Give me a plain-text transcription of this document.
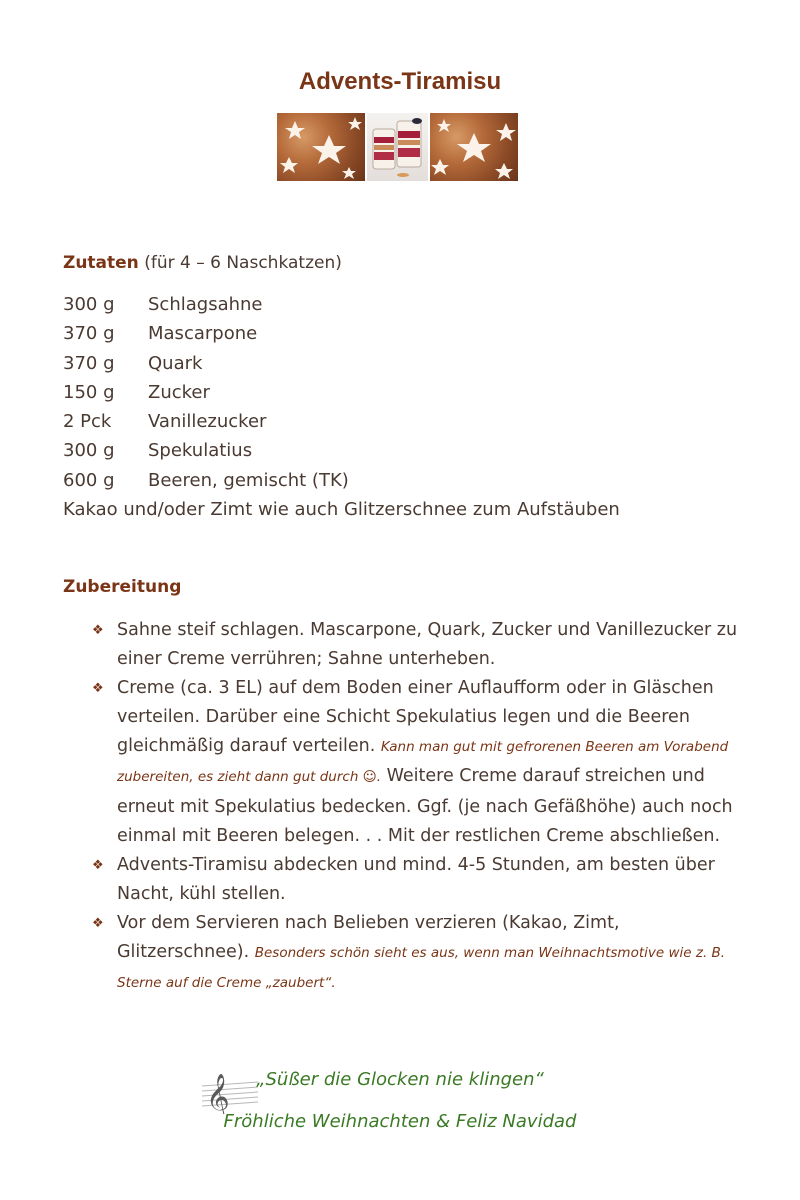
Advents-Tiramisu
Zutaten (für 4 – 6 Naschkatzen)
300 g	Schlagsahne
370 g	Mascarpone
370 g	Quark
150 g	Zucker
2 Pck	Vanillezucker
300 g	Spekulatius
600 g	Beeren, gemischt (TK)
Kakao und/oder Zimt wie auch Glitzerschnee zum Aufstäuben
Zubereitung
❖ Sahne steif schlagen. Mascarpone, Quark, Zucker und Vanillezucker zu einer Creme verrühren; Sahne unterheben.
❖ Creme (ca. 3 EL) auf dem Boden einer Auflaufform oder in Gläschen verteilen. Darüber eine Schicht Spekulatius legen und die Beeren gleichmäßig darauf verteilen. Kann man gut mit gefrorenen Beeren am Vorabend zubereiten, es zieht dann gut durch ☺. Weitere Creme darauf streichen und erneut mit Spekulatius bedecken. Ggf. (je nach Gefäßhöhe) auch noch einmal mit Beeren belegen. . . Mit der restlichen Creme abschließen.
❖ Advents-Tiramisu abdecken und mind. 4-5 Stunden, am besten über Nacht, kühl stellen.
❖ Vor dem Servieren nach Belieben verzieren (Kakao, Zimt, Glitzerschnee). Besonders schön sieht es aus, wenn man Weihnachtsmotive wie z. B. Sterne auf die Creme „zaubert“.
𝄞	„Süßer die Glocken nie klingen“
Fröhliche Weihnachten & Feliz Navidad
